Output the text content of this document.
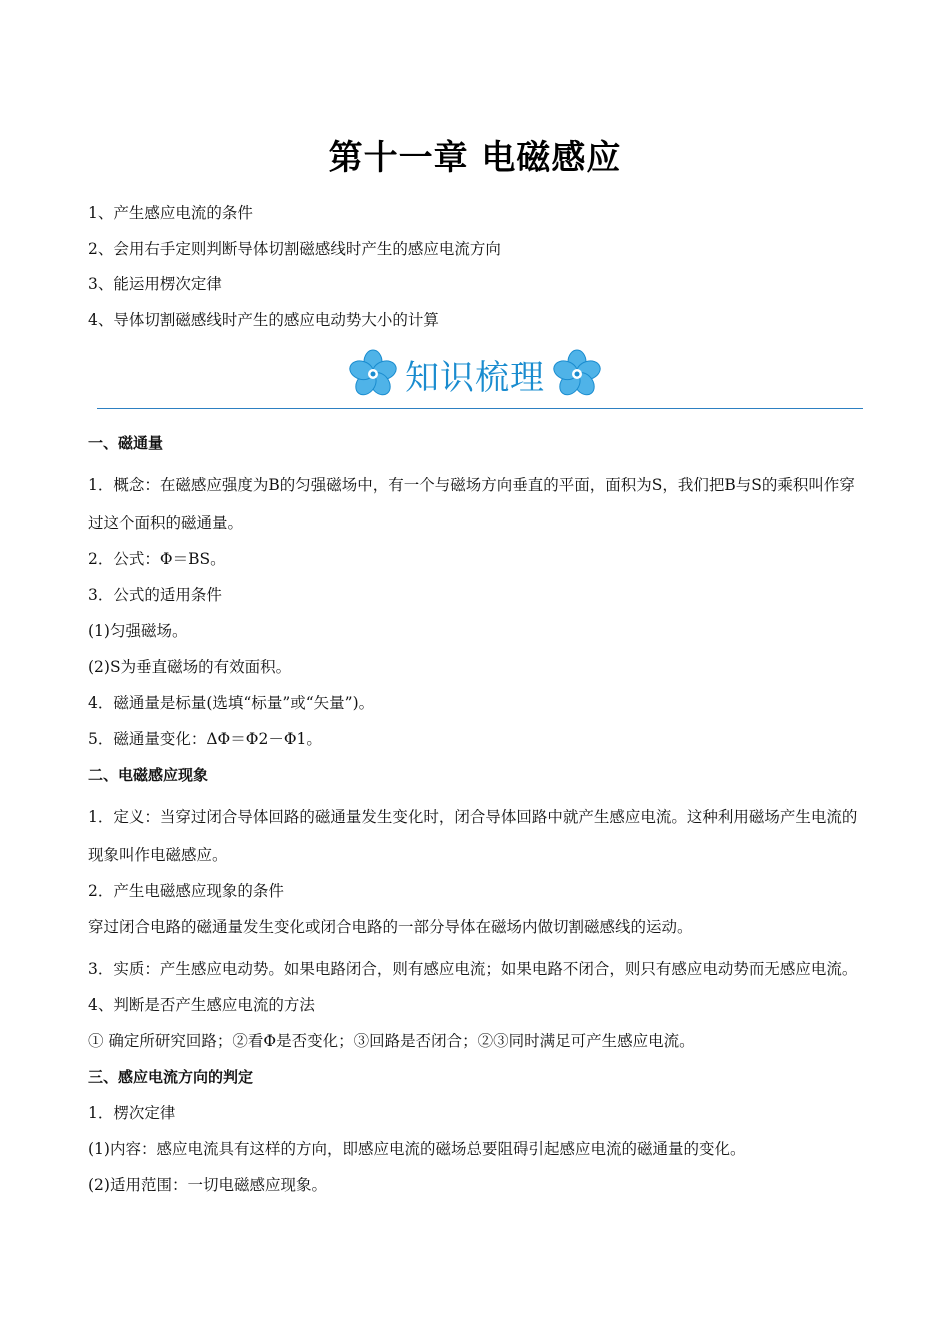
第十一章 电磁感应
1、产生感应电流的条件
2、会用右手定则判断导体切割磁感线时产生的感应电流方向
3、能运用楞次定律
4、导体切割磁感线时产生的感应电动势大小的计算
知识梳理

一、磁通量

1．概念：在磁感应强度为B的匀强磁场中，有一个与磁场方向垂直的平面，面积为S，我们把B与S的乘积叫作穿过这个面积的磁通量。

2．公式：Φ＝BS。

3．公式的适用条件

(1)匀强磁场。

(2)S为垂直磁场的有效面积。

4．磁通量是标量(选填“标量”或“矢量”)。

5．磁通量变化：ΔΦ＝Φ2－Φ1。

二、电磁感应现象

1．定义：当穿过闭合导体回路的磁通量发生变化时，闭合导体回路中就产生感应电流。这种利用磁场产生电流的现象叫作电磁感应。

2．产生电磁感应现象的条件

穿过闭合电路的磁通量发生变化或闭合电路的一部分导体在磁场内做切割磁感线的运动。

3．实质：产生感应电动势。如果电路闭合，则有感应电流；如果电路不闭合，则只有感应电动势而无感应电流。

4、判断是否产生感应电流的方法

① 确定所研究回路；②看Φ是否变化；③回路是否闭合；②③同时满足可产生感应电流。

三、感应电流方向的判定

1．楞次定律

(1)内容：感应电流具有这样的方向，即感应电流的磁场总要阻碍引起感应电流的磁通量的变化。

(2)适用范围：一切电磁感应现象。
